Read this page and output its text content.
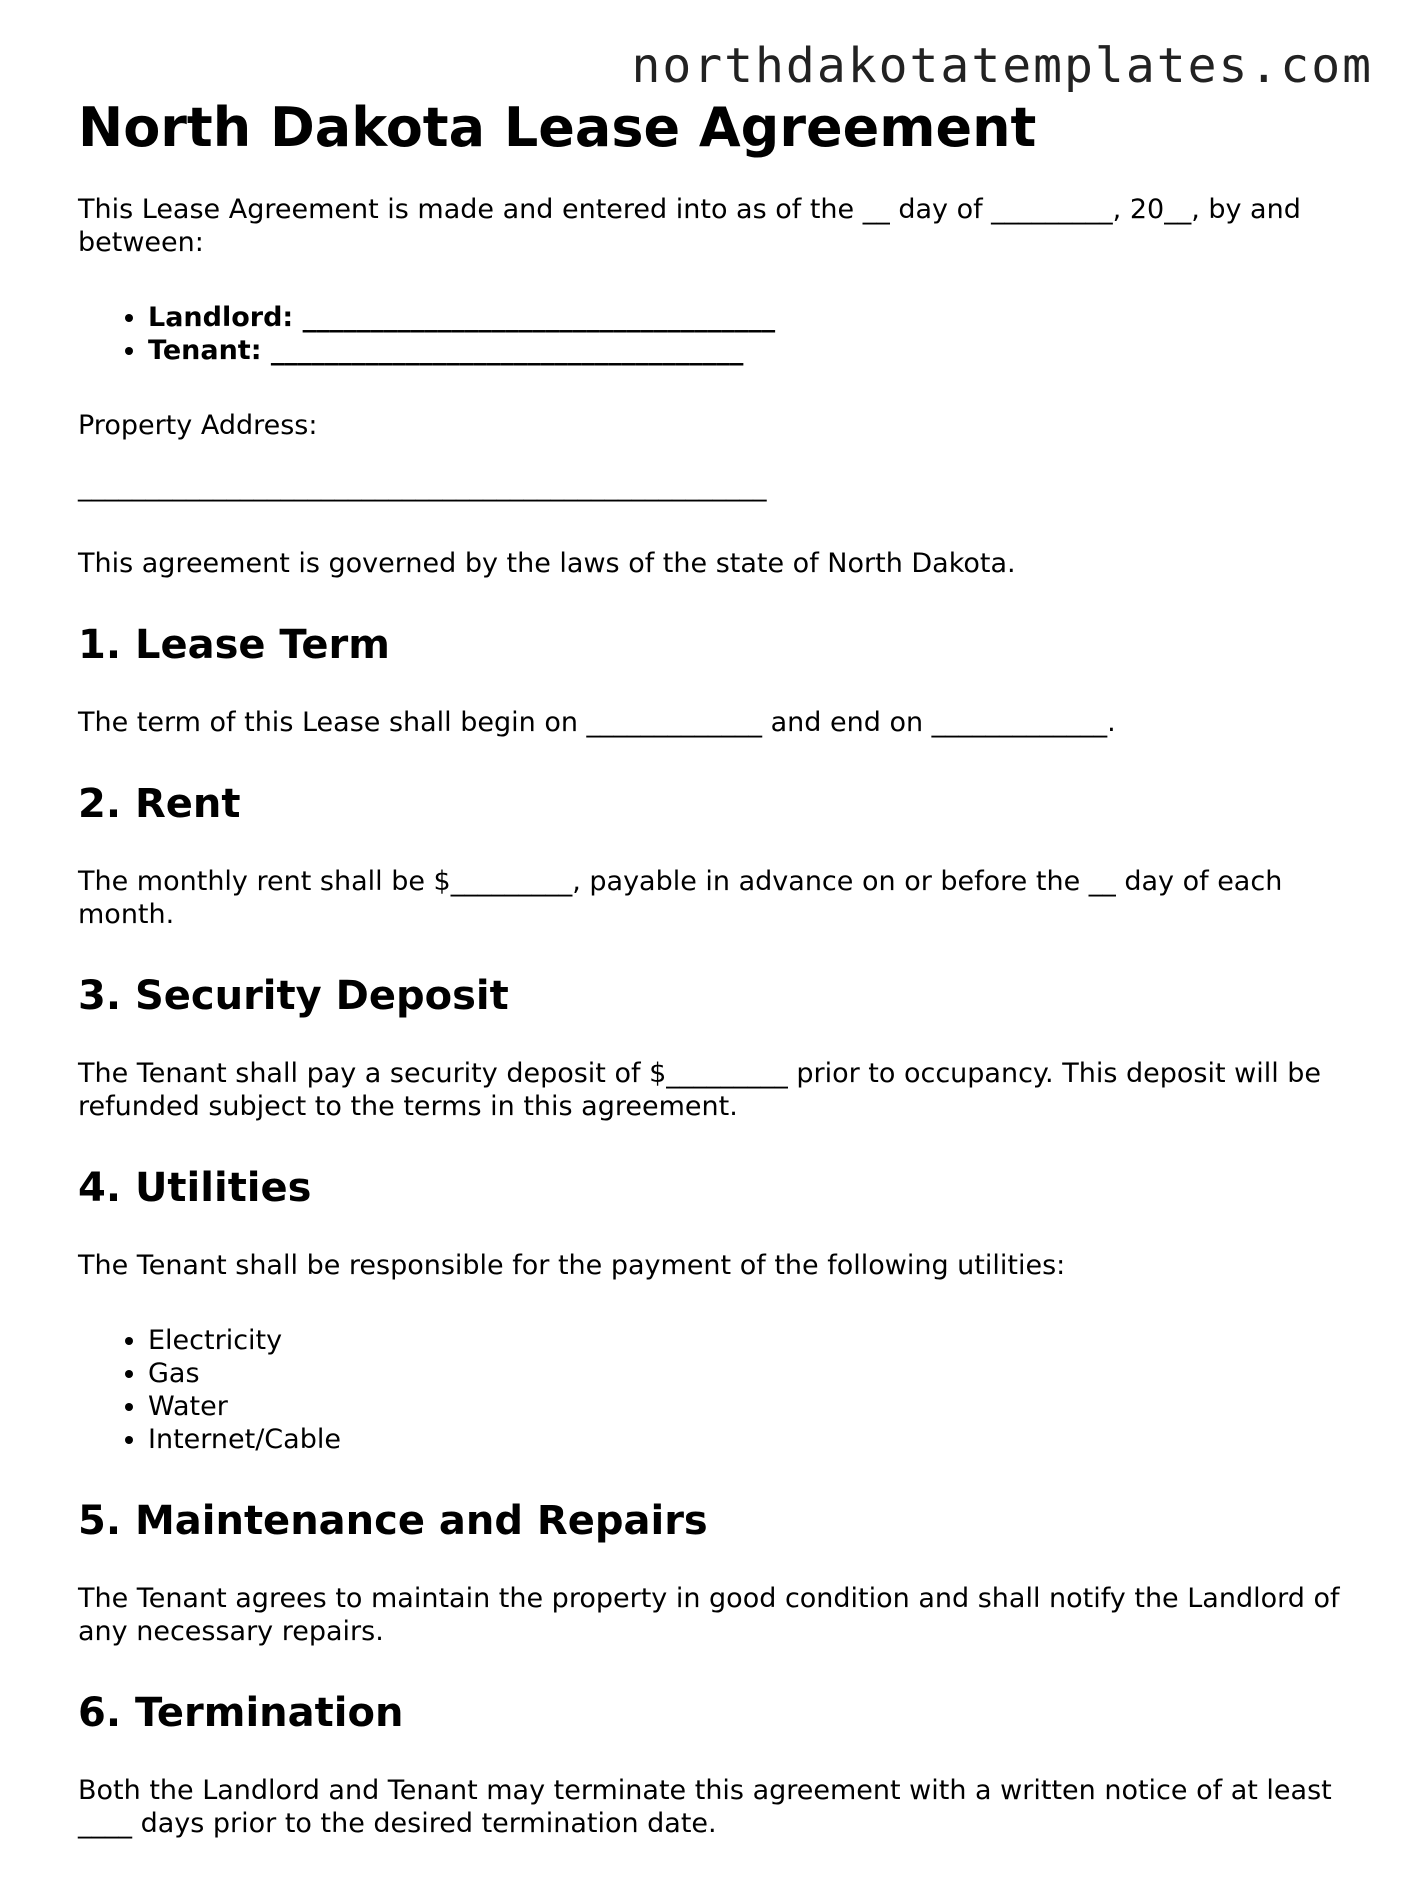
northdakotatemplates.com
North Dakota Lease Agreement

This Lease Agreement is made and entered into as of the __ day of _________, 20__, by and between:

• Landlord: ___________________________________
• Tenant: ___________________________________

Property Address:

___________________________________________________

This agreement is governed by the laws of the state of North Dakota.

1. Lease Term

The term of this Lease shall begin on _____________ and end on _____________.

2. Rent

The monthly rent shall be $_________, payable in advance on or before the __ day of each month.

3. Security Deposit

The Tenant shall pay a security deposit of $_________ prior to occupancy. This deposit will be refunded subject to the terms in this agreement.

4. Utilities

The Tenant shall be responsible for the payment of the following utilities:

• Electricity
• Gas
• Water
• Internet/Cable
5. Maintenance and Repairs

The Tenant agrees to maintain the property in good condition and shall notify the Landlord of any necessary repairs.

6. Termination

Both the Landlord and Tenant may terminate this agreement with a written notice of at least ____ days prior to the desired termination date.
